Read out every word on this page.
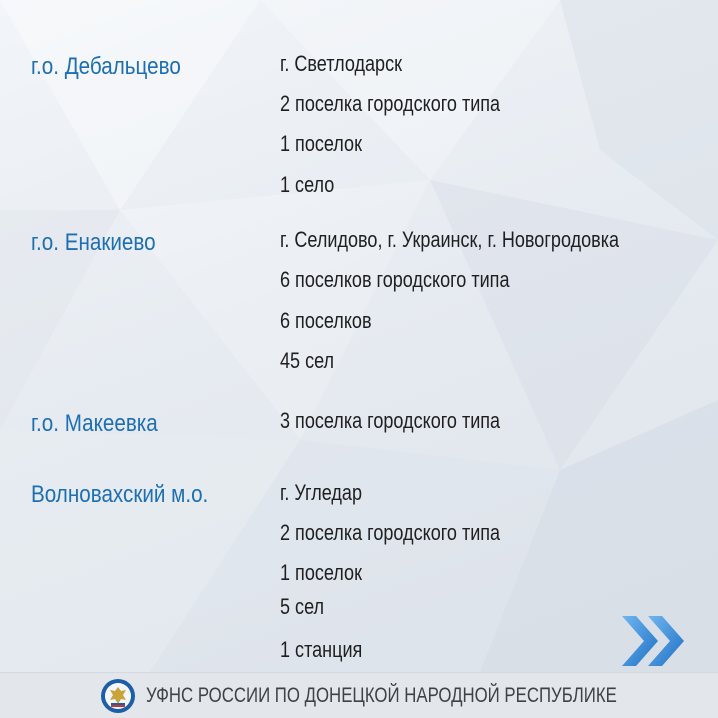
г.о. Дебальцево	г. Светлодарск
2 поселка городского типа
1 поселок
1 село
г.о. Енакиево	г. Селидово, г. Украинск, г. Новогродовка
6 поселков городского типа
6 поселков
45 сел
г.о. Макеевка	3 поселка городского типа
Волновахский м.о.	г. Угледар
2 поселка городского типа
1 поселок
5 сел
1 станция
УФНС РОССИИ ПО ДОНЕЦКОЙ НАРОДНОЙ РЕСПУБЛИКЕ
